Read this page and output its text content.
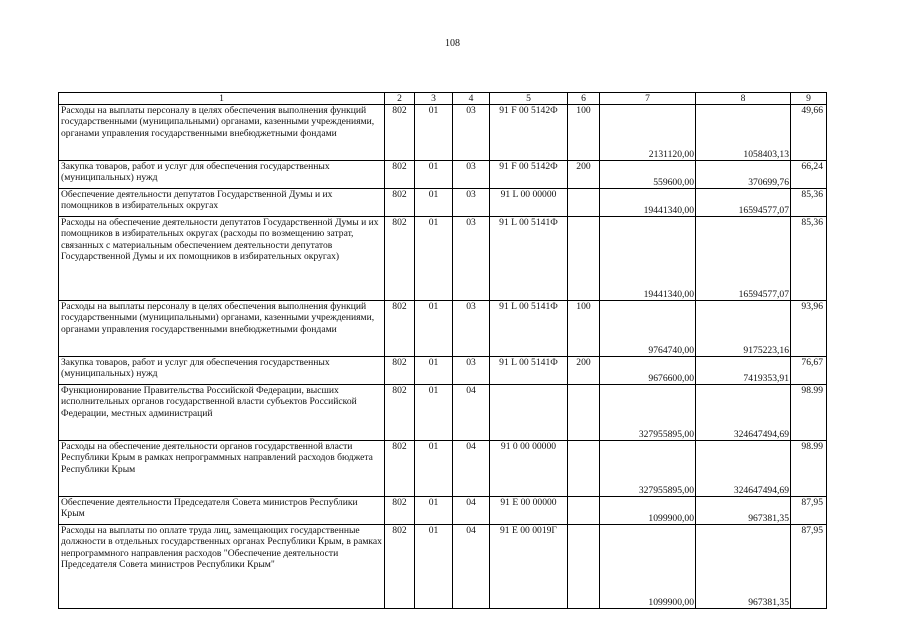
108
1	2	3	4	5	6	7	8	9
Расходы на выплаты персоналу в целях обеспечения выполнения функций государственными (муниципальными) органами, казенными учреждениями, органами управления государственными внебюджетными фондами	802	01	03	91 F 00 5142Ф	100	2131120,00	1058403,13	49,66
Закупка товаров, работ и услуг для обеспечения государственных (муниципальных) нужд	802	01	03	91 F 00 5142Ф	200	559600,00	370699,76	66,24
Обеспечение деятельности депутатов Государственной Думы и их помощников в избирательных округах	802	01	03	91 L 00 00000		19441340,00	16594577,07	85,36
Расходы на обеспечение деятельности депутатов Государственной Думы и их помощников в избирательных округах (расходы по возмещению затрат, связанных с материальным обеспечением деятельности депутатов Государственной Думы и их помощников в избирательных округах)	802	01	03	91 L 00 5141Ф		19441340,00	16594577,07	85,36
Расходы на выплаты персоналу в целях обеспечения выполнения функций государственными (муниципальными) органами, казенными учреждениями, органами управления государственными внебюджетными фондами	802	01	03	91 L 00 5141Ф	100	9764740,00	9175223,16	93,96
Закупка товаров, работ и услуг для обеспечения государственных (муниципальных) нужд	802	01	03	91 L 00 5141Ф	200	9676600,00	7419353,91	76,67
Функционирование Правительства Российской Федерации, высших исполнительных органов государственной власти субъектов Российской Федерации, местных администраций	802	01	04			327955895,00	324647494,69	98.99
Расходы на обеспечение деятельности органов государственной власти Республики Крым в рамках непрограммных направлений расходов бюджета Республики Крым	802	01	04	91 0 00 00000		327955895,00	324647494,69	98.99
Обеспечение деятельности Председателя Совета министров Республики Крым	802	01	04	91 E 00 00000		1099900,00	967381,35	87,95
Расходы на выплаты по оплате труда лиц, замещающих государственные должности в отдельных государственных органах Республики Крым, в рамках непрограммного направления расходов "Обеспечение деятельности Председателя Совета министров Республики Крым"	802	01	04	91 E 00 0019Г		1099900,00	967381,35	87,95
